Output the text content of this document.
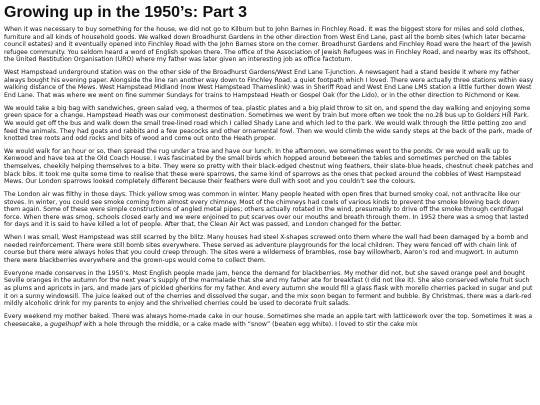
Growing up in the 1950’s: Part 3

When it was necessary to buy something for the house, we did not go to Kilburn but to John Barnes in Finchley Road. It was the biggest store for miles and sold clothes, furniture and all kinds of household goods. We walked down Broadhurst Gardens in the other direction from West End Lane, past all the bomb sites (which later became council estates) and it eventually opened into Finchley Road with the John Barnes store on the corner. Broadhurst Gardens and Finchley Road were the heart of the Jewish refugee community. You seldom heard a word of English spoken there. The office of the Association of Jewish Refugees was in Finchley Road, and nearby was its offshoot, the United Restitution Organisation (URO) where my father was later given an interesting job as office factotum.

West Hampstead underground station was on the other side of the Broadhurst Gardens/West End Lane T-junction. A newsagent had a stand beside it where my father always bought his evening paper. Alongside the line ran another way down to Finchley Road, a quiet footpath which I loved. There were actually three stations within easy walking distance of the Mews. West Hampstead Midland (now West Hampstead Thameslink) was in Sheriff Road and West End Lane LMS station a little further down West End Lane. That was where we went on fine summer Sundays for trains to Hampstead Heath or Gospel Oak (for the Lido), or in the other direction to Richmond or Kew.

We would take a big bag with sandwiches, green salad veg, a thermos of tea, plastic plates and a big plaid throw to sit on, and spend the day walking and enjoying some green space for a change. Hampstead Heath was our commonest destination. Sometimes we went by train but more often we took the no.28 bus up to Golders Hill Park. We would get off the bus and walk down the small tree-lined road which I called Shady Lane and which led to the park. We would walk through the little petting zoo and feed the animals. They had goats and rabbits and a few peacocks and other ornamental fowl. Then we would climb the wide sandy steps at the back of the park, made of knotted tree roots and odd rocks and bits of wood and come out onto the Heath proper.

We would walk for an hour or so, then spread the rug under a tree and have our lunch. In the afternoon, we sometimes went to the ponds. Or we would walk up to Kenwood and have tea at the Old Coach House. I was fascinated by the small birds which hopped around between the tables and sometimes perched on the tables themselves, cheekily helping themselves to a bite. They were so pretty with their black-edged chestnut wing feathers, their slate-blue heads, chestnut cheek patches and black bibs. It took me quite some time to realise that these were sparrows, the same kind of sparrows as the ones that pecked around the cobbles of West Hampstead Mews. Our London sparrows looked completely different because their feathers were dull with soot and you couldn’t see the colours.

The London air was filthy in those days. Thick yellow smog was common in winter. Many people heated with open fires that burned smoky coal, not anthracite like our stoves. In winter, you could see smoke coming from almost every chimney. Most of the chimneys had cowls of various kinds to prevent the smoke blowing back down them again. Some of these were simple constructions of angled metal pipes; others actually rotated in the wind, presumably to drive off the smoke through centrifugal force. When there was smog, schools closed early and we were enjoined to put scarves over our mouths and breath through them. In 1952 there was a smog that lasted for days and it is said to have killed a lot of people. After that, the Clean Air Act was passed, and London changed for the better.

When I was small, West Hampstead was still scarred by the blitz. Many houses had steel X-shapes screwed onto them where the wall had been damaged by a bomb and needed reinforcement. There were still bomb sites everywhere. These served as adventure playgrounds for the local children. They were fenced off with chain link of course but there were always holes that you could creep through. The sites were a wilderness of brambles, rose bay willowherb, Aaron’s rod and mugwort. In autumn there were blackberries everywhere and the grown-ups would come to collect them.

Everyone made conserves in the 1950’s. Most English people made jam, hence the demand for blackberries. My mother did not, but she saved orange peel and bought Seville oranges in the autumn for the next year’s supply of the marmalade that she and my father ate for breakfast (I did not like it). She also conserved whole fruit such as plums and apricots in jars, and made jars of pickled gherkins for my father. And every autumn she would fill a glass flask with morello cherries packed in sugar and put it on a sunny windowsill. The juice leaked out of the cherries and dissolved the sugar, and the mix soon began to ferment and bubble. By Christmas, there was a dark-red mildly alcoholic drink for my parents to enjoy and the shrivelled cherries could be used to decorate fruit salads.

Every weekend my mother baked. There was always home-made cake in our house. Sometimes she made an apple tart with latticework over the top. Sometimes it was a cheesecake, a gugelhupf with a hole through the middle, or a cake made with “snow” (beaten egg white). I loved to stir the cake mix
